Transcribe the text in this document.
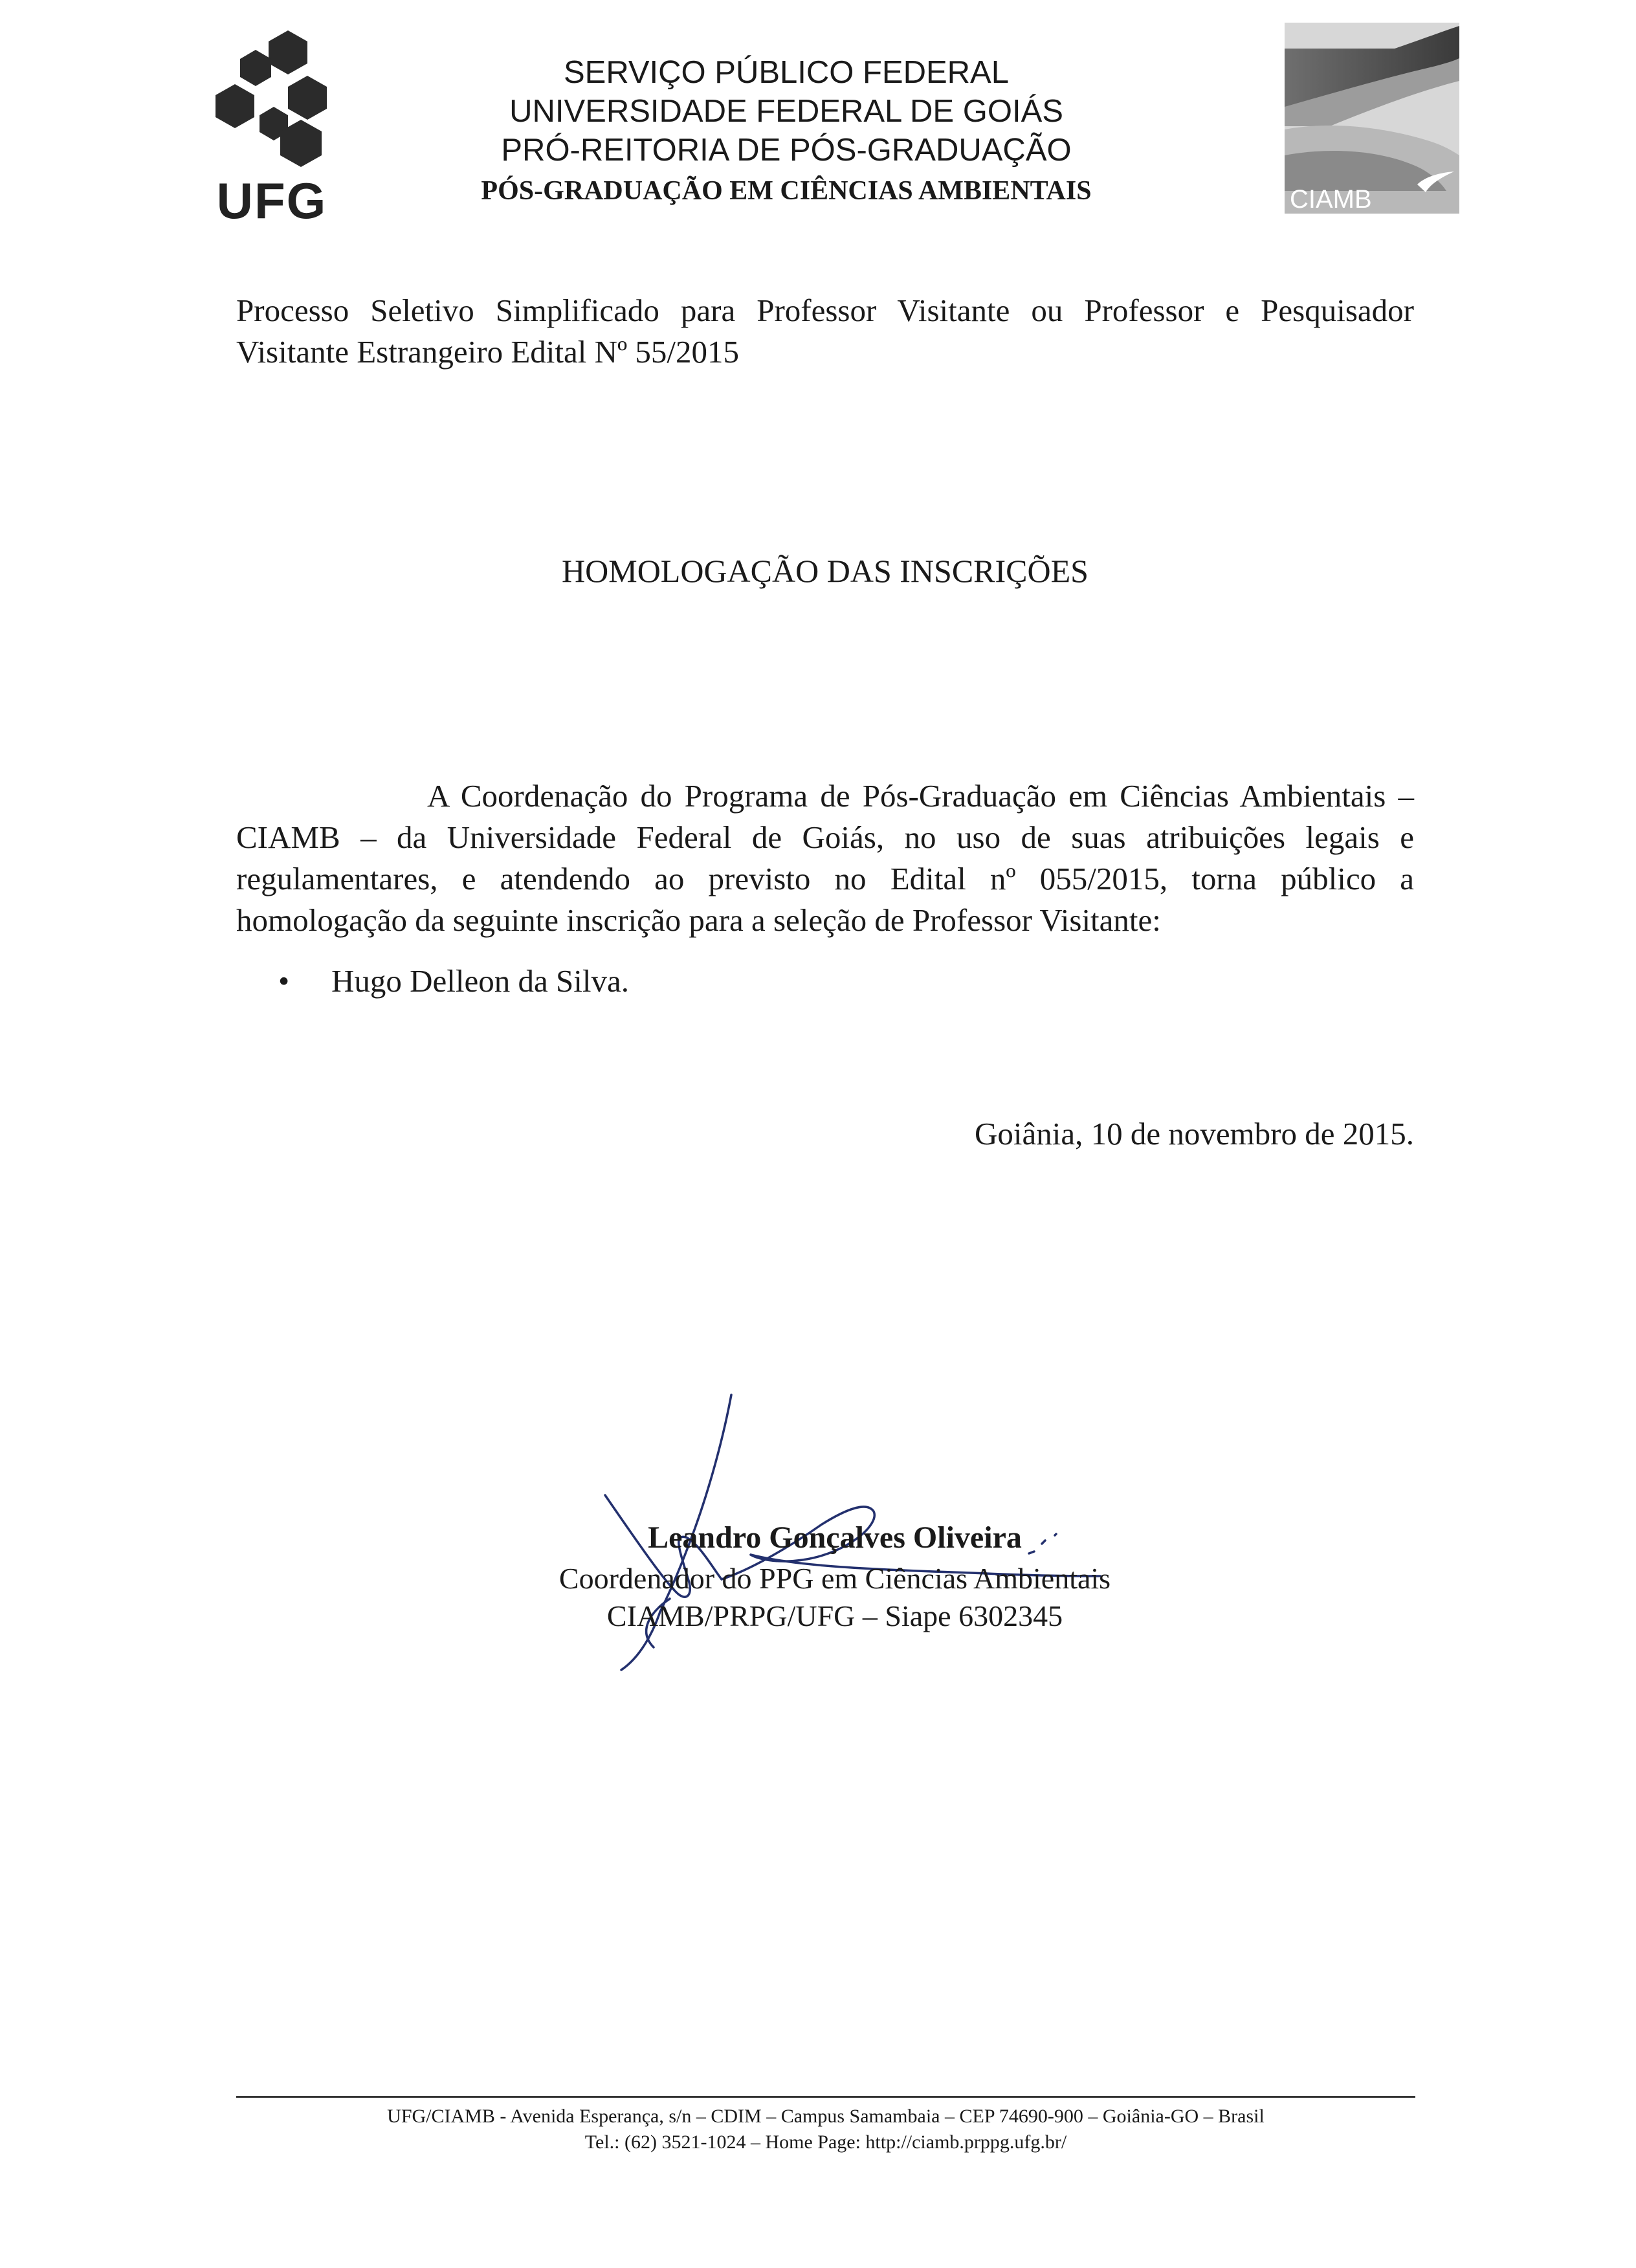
UFG
SERVIÇO PÚBLICO FEDERAL
UNIVERSIDADE FEDERAL DE GOIÁS
PRÓ-REITORIA DE PÓS-GRADUAÇÃO
PÓS-GRADUAÇÃO EM CIÊNCIAS AMBIENTAIS	CIAMB
Processo Seletivo Simplificado para Professor Visitante ou Professor e Pesquisador
Visitante Estrangeiro Edital Nº 55/2015
HOMOLOGAÇÃO DAS INSCRIÇÕES
A Coordenação do Programa de Pós-Graduação em Ciências Ambientais – CIAMB – da Universidade Federal de Goiás, no uso de suas atribuições legais e regulamentares, e atendendo ao previsto no Edital nº 055/2015, torna público a homologação da seguinte inscrição para a seleção de Professor Visitante:
• Hugo Delleon da Silva.
Goiânia, 10 de novembro de 2015.
Leandro Gonçalves Oliveira
Coordenador do PPG em Ciências Ambientais
CIAMB/PRPG/UFG – Siape 6302345
UFG/CIAMB - Avenida Esperança, s/n – CDIM – Campus Samambaia – CEP 74690-900 – Goiânia-GO – Brasil
Tel.: (62) 3521-1024 – Home Page: http://ciamb.prppg.ufg.br/
